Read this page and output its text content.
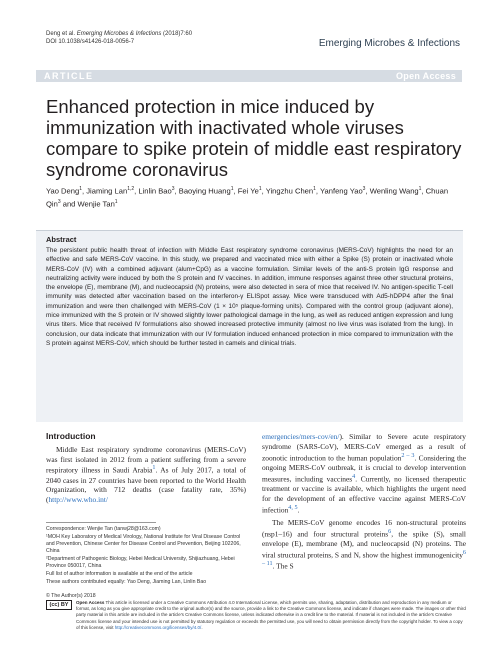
Deng et al. Emerging Microbes & Infections (2018)7:60
DOI 10.1038/s41426-018-0056-7	Emerging Microbes & Infections
ARTICLE	Open Access
Enhanced protection in mice induced by immunization with inactivated whole viruses compare to spike protein of middle east respiratory syndrome coronavirus
Yao Deng$^1$, Jiaming Lan$^{1,2}$, Linlin Bao$^3$, Baoying Huang$^1$, Fei Ye$^1$, Yingzhu Chen$^1$, Yanfeng Yao$^3$, Wenling Wang$^1$, Chuan Qin$^3$ and Wenjie Tan$^1$
Abstract
The persistent public health threat of infection with Middle East respiratory syndrome coronavirus (MERS-CoV) highlights the need for an effective and safe MERS-CoV vaccine. In this study, we prepared and vaccinated mice with either a Spike (S) protein or inactivated whole MERS-CoV (IV) with a combined adjuvant (alum+CpG) as a vaccine formulation. Similar levels of the anti-S protein IgG response and neutralizing activity were induced by both the S protein and IV vaccines. In addition, immune responses against three other structural proteins, the envelope (E), membrane (M), and nucleocapsid (N) proteins, were also detected in sera of mice that received IV. No antigen-specific T-cell immunity was detected after vaccination based on the interferon-γ ELISpot assay. Mice were transduced with Ad5-hDPP4 after the final immunization and were then challenged with MERS-CoV (1 × 10⁵ plaque-forming units). Compared with the control group (adjuvant alone), mice immunized with the S protein or IV showed slightly lower pathological damage in the lung, as well as reduced antigen expression and lung virus titers. Mice that received IV formulations also showed increased protective immunity (almost no live virus was isolated from the lung). In conclusion, our data indicate that immunization with our IV formulation induced enhanced protection in mice compared to immunization with the S protein against MERS-CoV, which should be further tested in camels and clinical trials.
Introduction

Middle East respiratory syndrome coronavirus (MERS-CoV) was first isolated in 2012 from a patient suffering from a severe respiratory illness in Saudi Arabia$^1$. As of July 2017, a total of 2040 cases in 27 countries have been reported to the World Health Organization, with 712 deaths (case fatality rate, 35%) (http://www.who.int/

Correspondence: Wenjie Tan (tanwj28@163.com)

¹MOH Key Laboratory of Medical Virology, National Institute for Viral Disease Control and Prevention, Chinese Center for Disease Control and Prevention, Beijing 102206, China

²Department of Pathogenic Biology, Hebei Medical University, Shijiazhuang, Hebei Province 050017, China

Full list of author information is available at the end of the article

These authors contributed equally: Yao Deng, Jiaming Lan, Linlin Bao

emergencies/mers-cov/en/). Similar to Severe acute respiratory syndrome (SARS-CoV), MERS-CoV emerged as a result of zoonotic introduction to the human population$^{2 - 3}$. Considering the ongoing MERS-CoV outbreak, it is crucial to develop intervention measures, including vaccines$^4$. Currently, no licensed therapeutic treatment or vaccine is available, which highlights the urgent need for the development of an effective vaccine against MERS-CoV infection$^{4, 5}$.

The MERS-CoV genome encodes 16 non-structural proteins (nsp1–16) and four structural proteins$^6$, the spike (S), small envelope (E), membrane (M), and nucleocapsid (N) proteins. The viral structural proteins, S and N, show the highest immunogenicity$^{6 - 11}$. The S

© The Author(s) 2018
(cc) BY	Open Access This article is licensed under a Creative Commons Attribution 4.0 International License, which permits use, sharing, adaptation, distribution and reproduction in any medium or format, as long as you give appropriate credit to the original author(s) and the source, provide a link to the Creative Commons license, and indicate if changes were made. The images or other third party material in this article are included in the article's Creative Commons license, unless indicated otherwise in a credit line to the material. If material is not included in the article's Creative Commons license and your intended use is not permitted by statutory regulation or exceeds the permitted use, you will need to obtain permission directly from the copyright holder. To view a copy of this license, visit http://creativecommons.org/licenses/by/4.0/.
